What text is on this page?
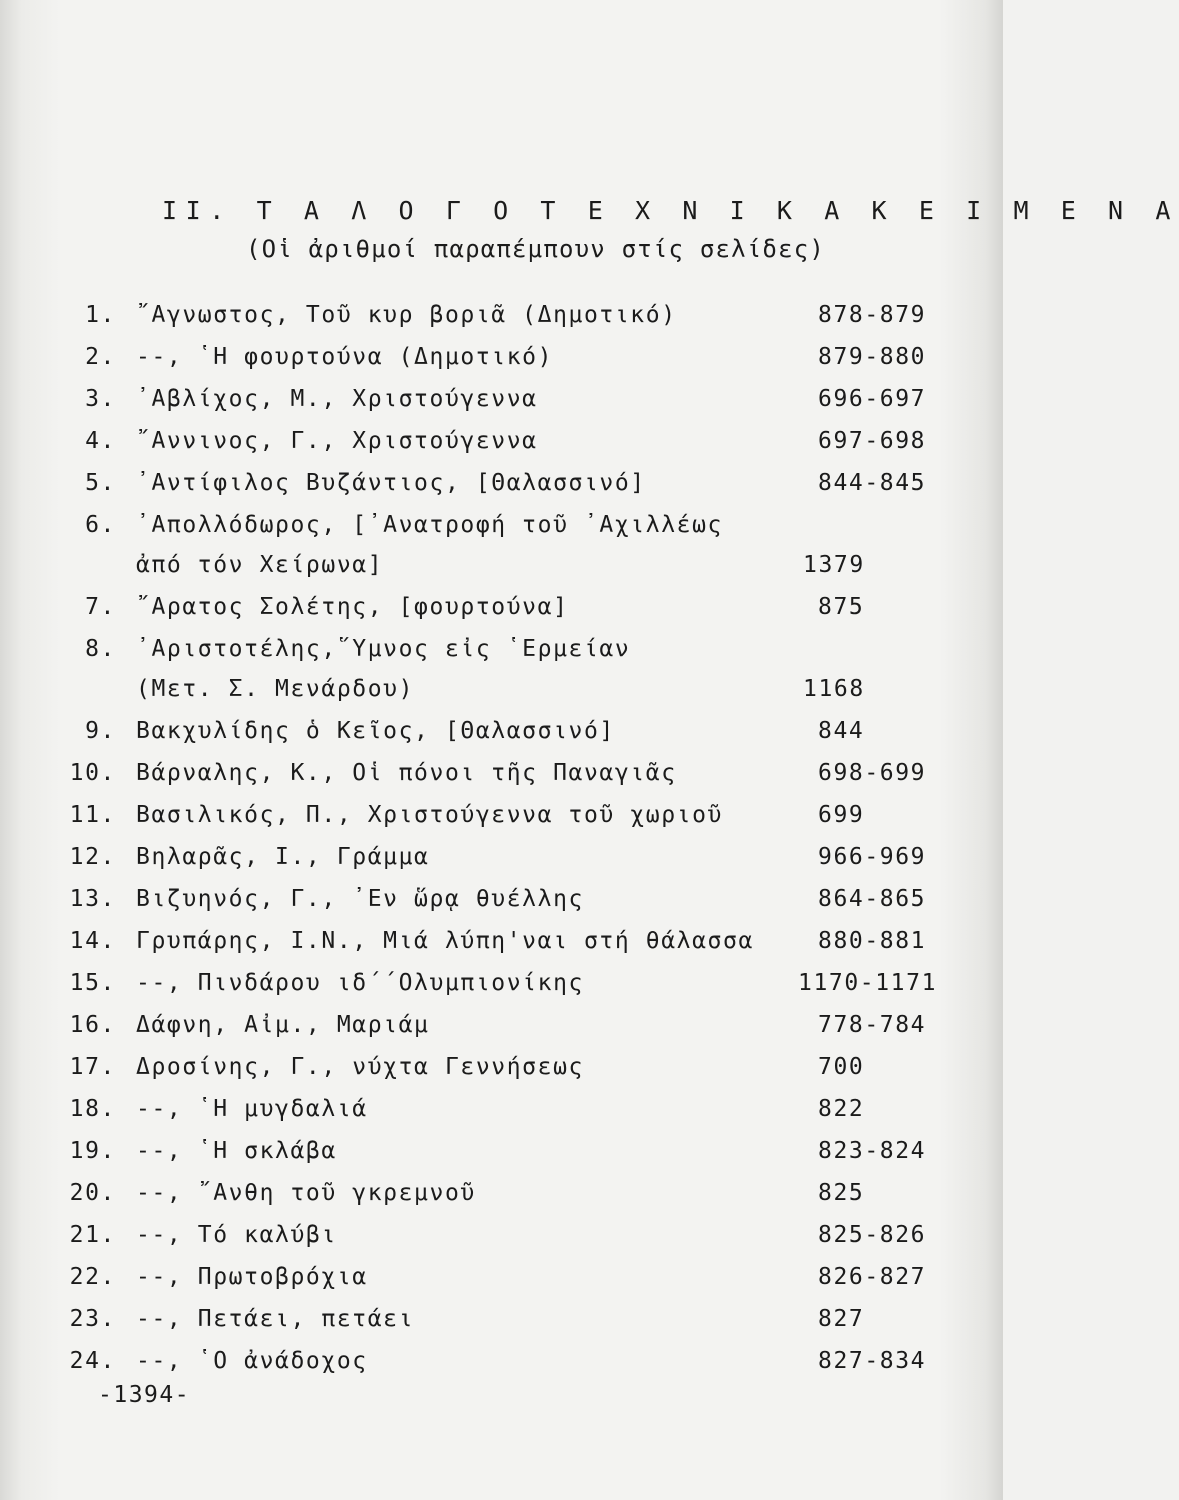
ΙΙ. Τ Α Λ Ο Γ Ο Τ Ε Χ Ν Ι Κ Α Κ Ε Ι Μ Ε Ν Α
(Οἱ ἀριθμοί παραπέμπουν στίς σελίδες)
1. ῎Αγνωστος, Τοῦ κυρ βοριᾶ (Δημοτικό)	878-879
2. --, ῾Η φουρτούνα (Δημοτικό)	879-880
3. ᾿Αβλίχος, Μ., Χριστούγεννα	696-697
4. ῎Αννινος, Γ., Χριστούγεννα	697-698
5. ᾿Αντίφιλος Βυζάντιος, [Θαλασσινό]	844-845
6. ᾿Απολλόδωρος, [᾿Ανατροφή τοῦ ᾿Αχιλλέως
ἀπό τόν Χείρωνα]	1379
7. ῎Αρατος Σολέτης, [φουρτούνα]	875
8. ᾿Αριστοτέλης,῞Υμνος εἰς ῾Ερμείαν
(Μετ. Σ. Μενάρδου)	1168
9. Βακχυλίδης ὁ Κεῖος, [Θαλασσινό]	844
10. Βάρναλης, Κ., Οἱ πόνοι τῆς Παναγιᾶς	698-699
11. Βασιλικός, Π., Χριστούγεννα τοῦ χωριοῦ	699
12. Βηλαρᾶς, Ι., Γράμμα	966-969
13. Βιζυηνός, Γ., ᾿Εν ὥρᾳ θυέλλης	864-865
14. Γρυπάρης, Ι.Ν., Μιά λύπη'ναι στή θάλασσα	880-881
15. --, Πινδάρου ιδ΄΄Ολυμπιονίκης	1170-1171
16. Δάφνη, Αἰμ., Μαριάμ	778-784
17. Δροσίνης, Γ., νύχτα Γεννήσεως	700
18. --, ῾Η μυγδαλιά	822
19. --, ῾Η σκλάβα	823-824
20. --, ῎Ανθη τοῦ γκρεμνοῦ	825
21. --, Τό καλύβι	825-826
22. --, Πρωτοβρόχια	826-827
23. --, Πετάει, πετάει	827
24. --, ῾Ο ἀνάδοχος	827-834
-1394-
